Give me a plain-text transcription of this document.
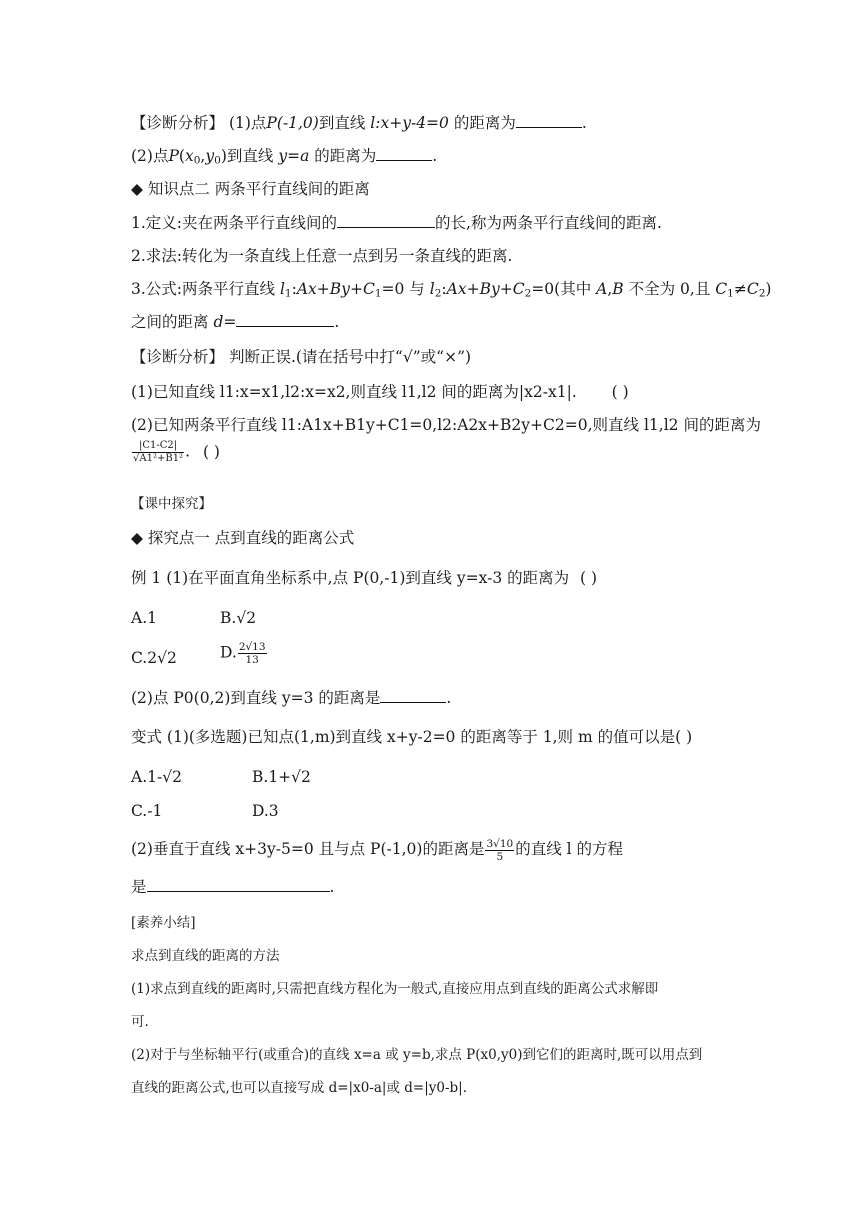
【诊断分析】 (1)点P(-1,0)到直线 l:x+y-4=0 的距离为	.
(2)点$P(x_0,y_0)$到直线 y=a 的距离为	.
◆ 知识点二 两条平行直线间的距离
1.定义:夹在两条平行直线间的	的长,称为两条平行直线间的距离.
2.求法:转化为一条直线上任意一点到另一条直线的距离.
3.公式:两条平行直线 $l_1:Ax+By+C_1=0$ 与 $l_2:Ax+By+C_2=0$(其中 A,B 不全为 0,且 $C_1\ne C_2$)
之间的距离 d=	.
【诊断分析】 判断正误.(请在括号中打“√”或“×”)
(1)已知直线 l1:x=x1,l2:x=x2,则直线 l1,l2 间的距离为|x2-x1|. ( )
(2)已知两条平行直线 l1:A1x+B1y+C1=0,l2:A2x+B2y+C2=0,则直线 l1,l2 间的距离为
$\frac{|C1-C2|}{\text{√A1²+B1²}}$ . ( )
【课中探究】
◆ 探究点一 点到直线的距离公式
例 1 (1)在平面直角坐标系中,点 P(0,-1)到直线 y=x-3 的距离为 ( )
A.1	B.√2
C.2√2	D. $\frac{2√13}{13}$
(2)点 P0(0,2)到直线 y=3 的距离是	.
变式 (1)(多选题)已知点(1,m)到直线 x+y-2=0 的距离等于 1,则 m 的值可以是( )
A.1-√2	B.1+√2
C.-1	D.3
(2)垂直于直线 x+3y-5=0 且与点 P(-1,0)的距离是 $\frac{3√10}{5}$ 的直线 l 的方程
是	.
[素养小结]
求点到直线的距离的方法
(1)求点到直线的距离时,只需把直线方程化为一般式,直接应用点到直线的距离公式求解即
可.
(2)对于与坐标轴平行(或重合)的直线 x=a 或 y=b,求点 P(x0,y0)到它们的距离时,既可以用点到
直线的距离公式,也可以直接写成 d=|x0-a|或 d=|y0-b|.
